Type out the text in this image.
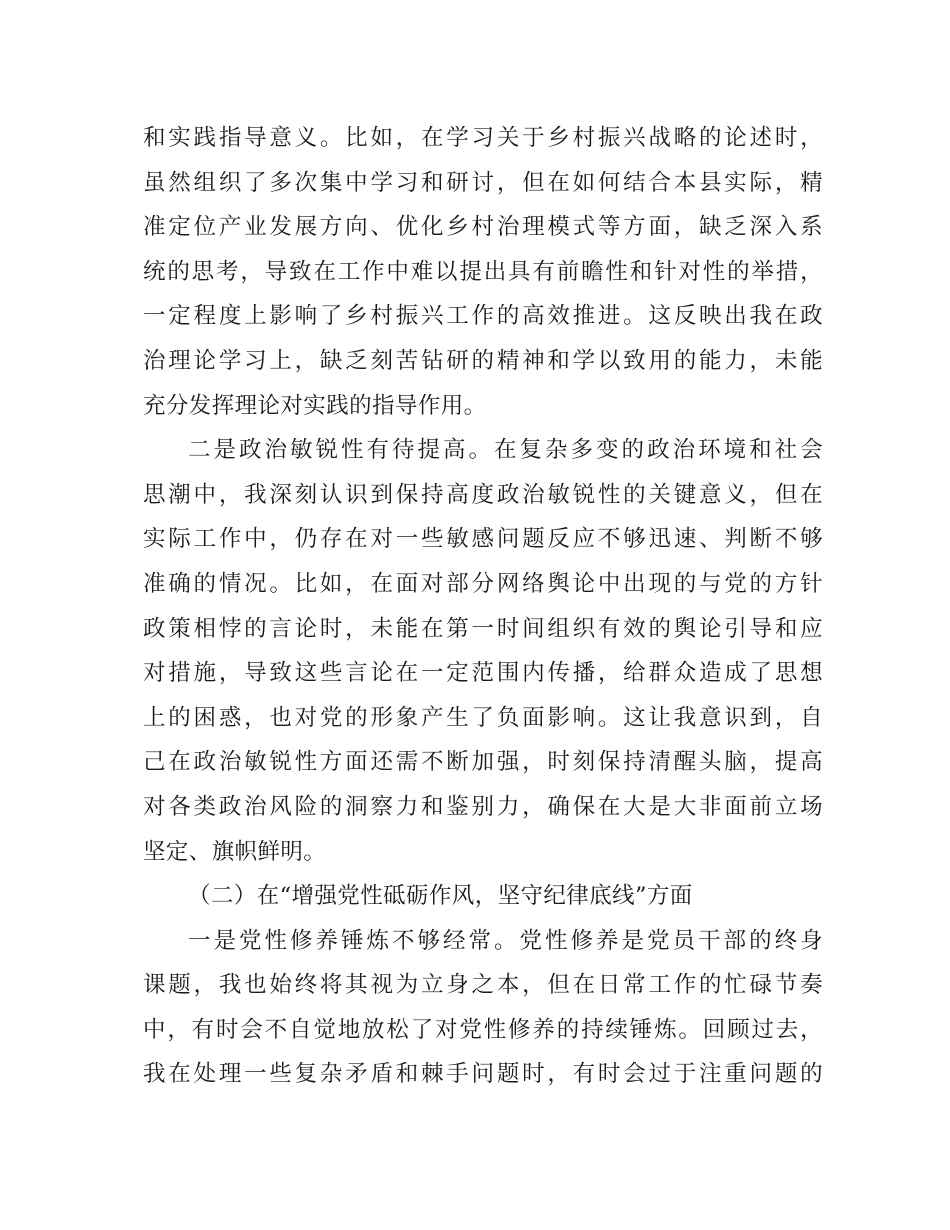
和实践指导意义。比如，在学习关于乡村振兴战略的论述时，
虽然组织了多次集中学习和研讨，但在如何结合本县实际，精
准定位产业发展方向、优化乡村治理模式等方面，缺乏深入系
统的思考，导致在工作中难以提出具有前瞻性和针对性的举措，
一定程度上影响了乡村振兴工作的高效推进。这反映出我在政
治理论学习上，缺乏刻苦钻研的精神和学以致用的能力，未能
充分发挥理论对实践的指导作用。
二是政治敏锐性有待提高。在复杂多变的政治环境和社会
思潮中，我深刻认识到保持高度政治敏锐性的关键意义，但在
实际工作中，仍存在对一些敏感问题反应不够迅速、判断不够
准确的情况。比如，在面对部分网络舆论中出现的与党的方针
政策相悖的言论时，未能在第一时间组织有效的舆论引导和应
对措施，导致这些言论在一定范围内传播，给群众造成了思想
上的困惑，也对党的形象产生了负面影响。这让我意识到，自
己在政治敏锐性方面还需不断加强，时刻保持清醒头脑，提高
对各类政治风险的洞察力和鉴别力，确保在大是大非面前立场
坚定、旗帜鲜明。
（二）在“增强党性砥砺作风，坚守纪律底线”方面
一是党性修养锤炼不够经常。党性修养是党员干部的终身
课题，我也始终将其视为立身之本，但在日常工作的忙碌节奏
中，有时会不自觉地放松了对党性修养的持续锤炼。回顾过去，
我在处理一些复杂矛盾和棘手问题时，有时会过于注重问题的
